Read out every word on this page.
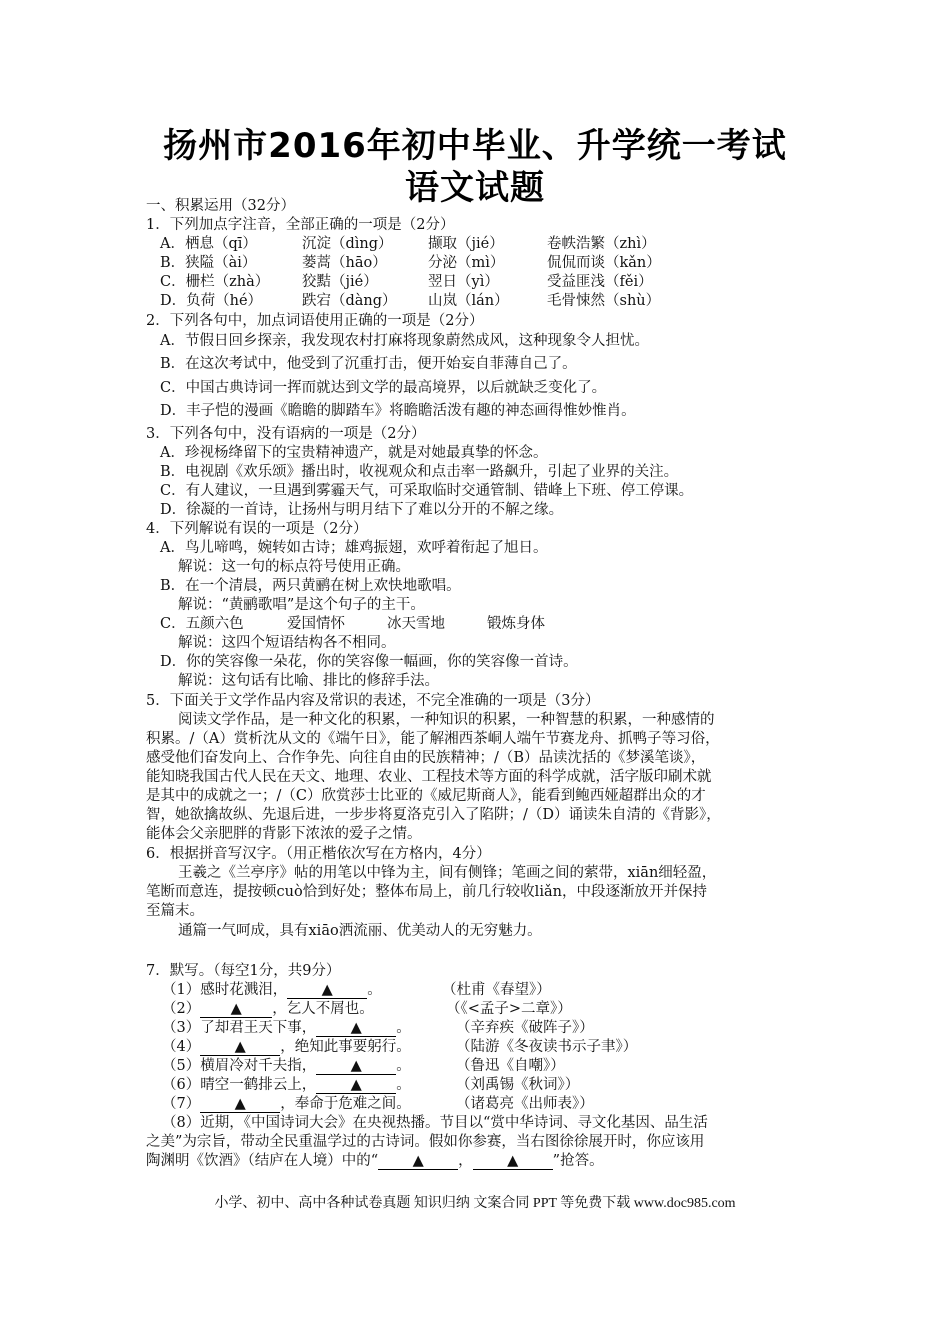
扬州市2016年初中毕业、升学统一考试
语文试题
一、积累运用（32分）
1．下列加点字注音，全部正确的一项是（2分）
A．栖息（qī）	沉淀（dìng） 撷取（jié）	卷帙浩繁（zhì）
B．狭隘（ài）	蒌蒿（hāo）	分泌（mì）	侃侃而谈（kǎn）
C．栅栏（zhà） 狡黠（jié）	翌日（yì）	受益匪浅（fěi）
D．负荷（hé）	跌宕（dàng） 山岚（lán）	毛骨悚然（shù）
2．下列各句中，加点词语使用正确的一项是（2分）
A．节假日回乡探亲，我发现农村打麻将现象蔚然成风，这种现象令人担忧。
B．在这次考试中，他受到了沉重打击，便开始妄自菲薄自己了。
C．中国古典诗词一挥而就达到文学的最高境界，以后就缺乏变化了。
D．丰子恺的漫画《瞻瞻的脚踏车》将瞻瞻活泼有趣的神态画得惟妙惟肖。
3．下列各句中，没有语病的一项是（2分）
A．珍视杨绛留下的宝贵精神遗产，就是对她最真挚的怀念。
B．电视剧《欢乐颂》播出时，收视观众和点击率一路飙升，引起了业界的关注。
C．有人建议，一旦遇到雾霾天气，可采取临时交通管制、错峰上下班、停工停课。
D．徐凝的一首诗，让扬州与明月结下了难以分开的不解之缘。
4．下列解说有误的一项是（2分）
A．鸟儿啼鸣，婉转如古诗；雄鸡振翅，欢呼着衔起了旭日。
解说：这一句的标点符号使用正确。
B．在一个清晨，两只黄鹂在树上欢快地歌唱。
解说：“黄鹂歌唱”是这个句子的主干。
C．五颜六色	爱国情怀	冰天雪地	锻炼身体
解说：这四个短语结构各不相同。
D．你的笑容像一朵花，你的笑容像一幅画，你的笑容像一首诗。
解说：这句话有比喻、排比的修辞手法。
5．下面关于文学作品内容及常识的表述，不完全准确的一项是（3分）
阅读文学作品，是一种文化的积累，一种知识的积累，一种智慧的积累，一种感情的
积累。/（A）赏析沈从文的《端午日》，能了解湘西茶峒人端午节赛龙舟、抓鸭子等习俗，
感受他们奋发向上、合作争先、向往自由的民族精神；/（B）品读沈括的《梦溪笔谈》，
能知晓我国古代人民在天文、地理、农业、工程技术等方面的科学成就，活字版印刷术就
是其中的成就之一；/（C）欣赏莎士比亚的《威尼斯商人》，能看到鲍西娅超群出众的才
智，她欲擒故纵、先退后进，一步步将夏洛克引入了陷阱；/（D）诵读朱自清的《背影》，
能体会父亲肥胖的背影下浓浓的爱子之情。
6．根据拼音写汉字。（用正楷依次写在方格内，4分）
王羲之《兰亭序》帖的用笔以中锋为主，间有侧锋；笔画之间的萦带，xiān细轻盈，
笔断而意连，提按顿cuò恰到好处；整体布局上，前几行较收liǎn，中段逐渐放开并保持
至篇末。
通篇一气呵成，具有xiāo洒流丽、优美动人的无穷魅力。
7．默写。（每空1分，共9分）
（1）感时花溅泪， ▲ 。	（杜甫《春望》）
（2） ▲ ，乞人不屑也。	（《<孟子>二章》）
（3）了却君王天下事， ▲ 。	（辛弃疾《破阵子》）
（4） ▲ ，绝知此事要躬行。	（陆游《冬夜读书示子聿》）
（5）横眉冷对千夫指， ▲ 。	（鲁迅《自嘲》）
（6）晴空一鹤排云上， ▲ 。	（刘禹锡《秋词》）
（7） ▲ ，奉命于危难之间。	（诸葛亮《出师表》）
（8）近期，《中国诗词大会》在央视热播。节目以“赏中华诗词、寻文化基因、品生活
之美”为宗旨，带动全民重温学过的古诗词。假如你参赛，当右图徐徐展开时，你应该用
陶渊明《饮酒》（结庐在人境）中的“ ▲ ， ▲ ”抢答。
小学、初中、高中各种试卷真题 知识归纳 文案合同 PPT 等免费下载 www.doc985.com
